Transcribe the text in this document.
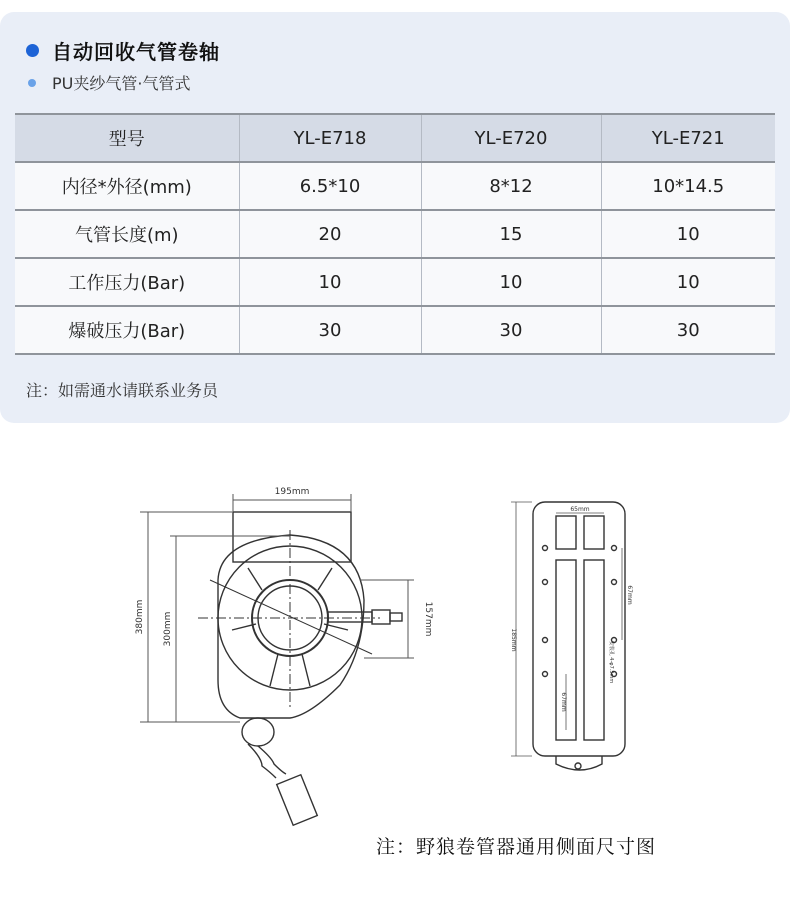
自动回收气管卷轴
PU夹纱气管·气管式
型号	YL-E718	YL-E720	YL-E721
内径*外径(mm)	6.5*10	8*12	10*14.5
气管长度(m)	20	15	10
工作压力(Bar)	10	10	10
爆破压力(Bar)	30	30	30
注：如需通水请联系业务员
195mm
380mm 300mm	157mm
65mm
185mm
67mm
67mm
安装孔 4-φ7.5mm
注：野狼卷管器通用侧面尺寸图
